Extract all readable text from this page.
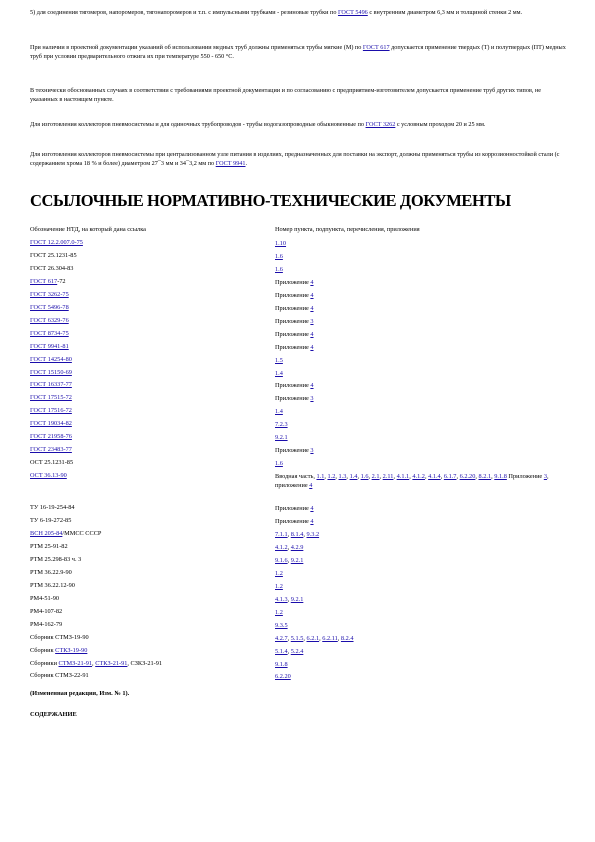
5) для соединения тягомеров, напоромеров, тягонапоромеров и т.п. с импульсными трубками - резиновые трубки по ГОСТ 5496 с внутренним диаметром 6,3 мм и толщиной стенки 2 мм.

При наличии в проектной документации указаний об использовании медных труб должны применяться трубы мягкие (М) по ГОСТ 617 допускается применение твердых (Т) и полутвердых (ПТ) медных труб при условии предварительного отжига их при температуре 550 - 650 °С.

В технически обоснованных случаях в соответствии с требованиями проектной документации и по согласованию с предприятием-изготовителем допускается применение труб других типов, не указанных в настоящем пункте.

Для изготовления коллекторов пневмосистемы и для одиночных трубопроводов - трубы водогазопроводные обыкновенные по ГОСТ 3262 с условным проходом 20 и 25 мм.

Для изготовления коллекторов пневмосистемы при централизованном узле питания в изделиях, предназначенных для поставки на экспорт, должны применяться трубы из коррозионностойкой стали (с содержанием хрома 18 % и более) диаметром 27¯3 мм и 34¯3,2 мм по ГОСТ 9941.

ССЫЛОЧНЫЕ НОРМАТИВНО-ТЕХНИЧЕСКИЕ ДОКУМЕНТЫ
Обозначение НТД, на который дана ссылка	Номер пункта, подпункта, перечисления, приложения
ГОСТ 12.2.007.0-75	1.10
ГОСТ 25.1231-85	1.6
ГОСТ 26.304-83	1.6
ГОСТ 617-72	Приложение 4
ГОСТ 3262-75	Приложение 4
ГОСТ 5496-78	Приложение 4
ГОСТ 6329-76	Приложение 3
ГОСТ 8734-75	Приложение 4
ГОСТ 9941-81	Приложение 4
ГОСТ 14254-80	1.5
ГОСТ 15150-69	1.4
ГОСТ 16337-77	Приложение 4
ГОСТ 17515-72	Приложение 3
ГОСТ 17516-72	1.4
ГОСТ 19034-82	7.2.3
ГОСТ 21958-76	9.2.1
ГОСТ 23483-77	Приложение 3
ОСТ 25.1231-85	1.6
ОСТ 36.13-90	Вводная часть, 1.1, 1.2, 1.3, 1.4, 1.6, 2.1, 2.11, 4.1.1, 4.1.2, 4.1.4, 6.1.7, 6.2.20, 8.2.1, 9.1.8 Приложение 3, приложение 4
ТУ 16-19-254-84	Приложение 4
ТУ 6-19-272-85	Приложение 4
ВСН 205-84/ММСС СССР	7.1.1, 8.1.4, 9.3.2
РТМ 25-91-82	4.1.2, 4.2.9
РТМ 25.298-83 ч. 3	9.1.6, 9.2.1
РТМ 36.22.9-90	1.2
РТМ 36.22.12-90	1.2
РМ4-51-90	4.1.3, 9.2.1
РМ4-107-82	1.2
РМ4-162-79	9.3.5
Сборник СТМЗ-19-90	4.2.7, 5.1.5, 6.2.1, 6.2.11, 8.2.4
Сборник СТКЗ-19-90	5.1.4, 5.2.4
Сборники СТМЗ-21-91, СТКЗ-21-91, СЗКЗ-21-91	9.1.8
Сборник СТМЗ-22-91	6.2.20
(Измененная редакция, Изм. № 1).
СОДЕРЖАНИЕ
